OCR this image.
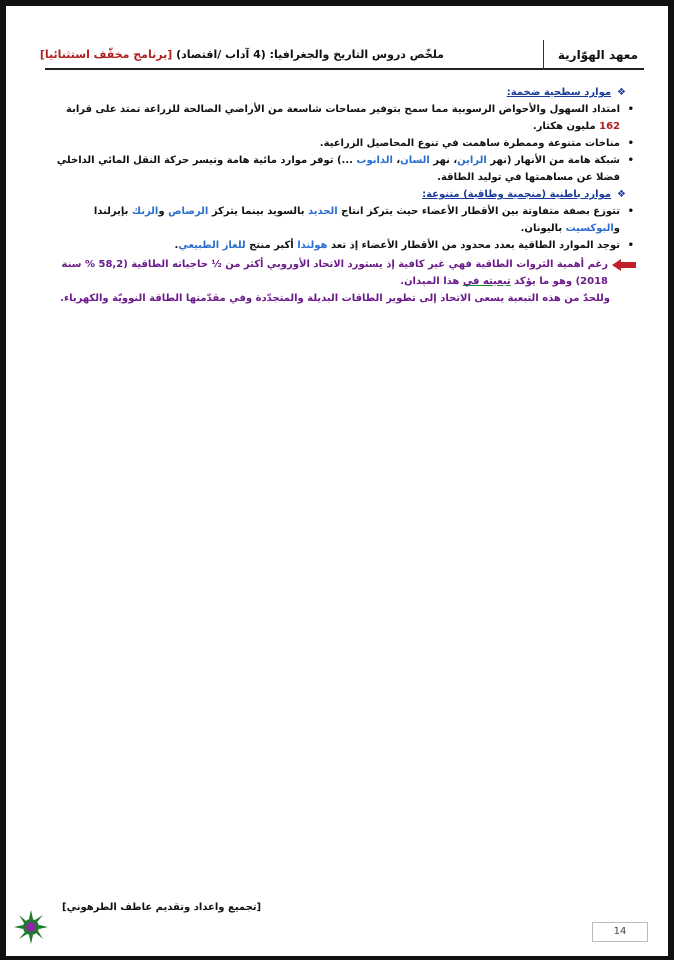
معهد الهوّارية
ملخّص دروس التاريخ والجغرافيا: (4 آداب /اقتصاد) [برنامج مخفّف استثنائيا]
❖موارد سطحية ضخمة:
• امتداد السهول والأحواض الرسوبية مما سمح بتوفير مساحات شاسعة من الأراضي الصالحة للزراعة تمتد على قرابة 162 مليون هكتار.
• مناخات متنوعة وممطرة ساهمت في تنوع المحاصيل الزراعية.
• شبكة هامة من الأنهار (نهر الراين، نهر السان، الدانوب ...) توفر موارد مائية هامة وتيسر حركة النقل المائي الداخلي فضلا عن مساهمتها في توليد الطاقة.
❖موارد باطنية (منجمية وطاقية) متنوعة:
• تتوزع بصفة متفاوتة بين الأقطار الأعضاء حيث يتركز انتاج الحديد بالسويد بينما يتركز الرصاص والزنك بإيرلندا والبوكسيت باليونان.
• توجد الموارد الطاقية بعدد محدود من الأقطار الأعضاء إذ تعد هولندا أكبر منتج للغاز الطبيعي.
رغم أهمية الثروات الطاقية فهي غير كافية إذ يستورد الاتحاد الأوروبي أكثر من ½ حاجياته الطاقية (58,2 % سنة 2018) وهو ما يؤكد تبعيته في هذا الميدان.
وللحدّ من هذه التبعية يسعى الاتحاد إلى تطوير الطاقات البديلة والمتجدّدة وفي مقدّمتها الطاقة النوويّة والكهرباء.
[تجميع واعداد وتقديم عاطف الطرهوني]
14
